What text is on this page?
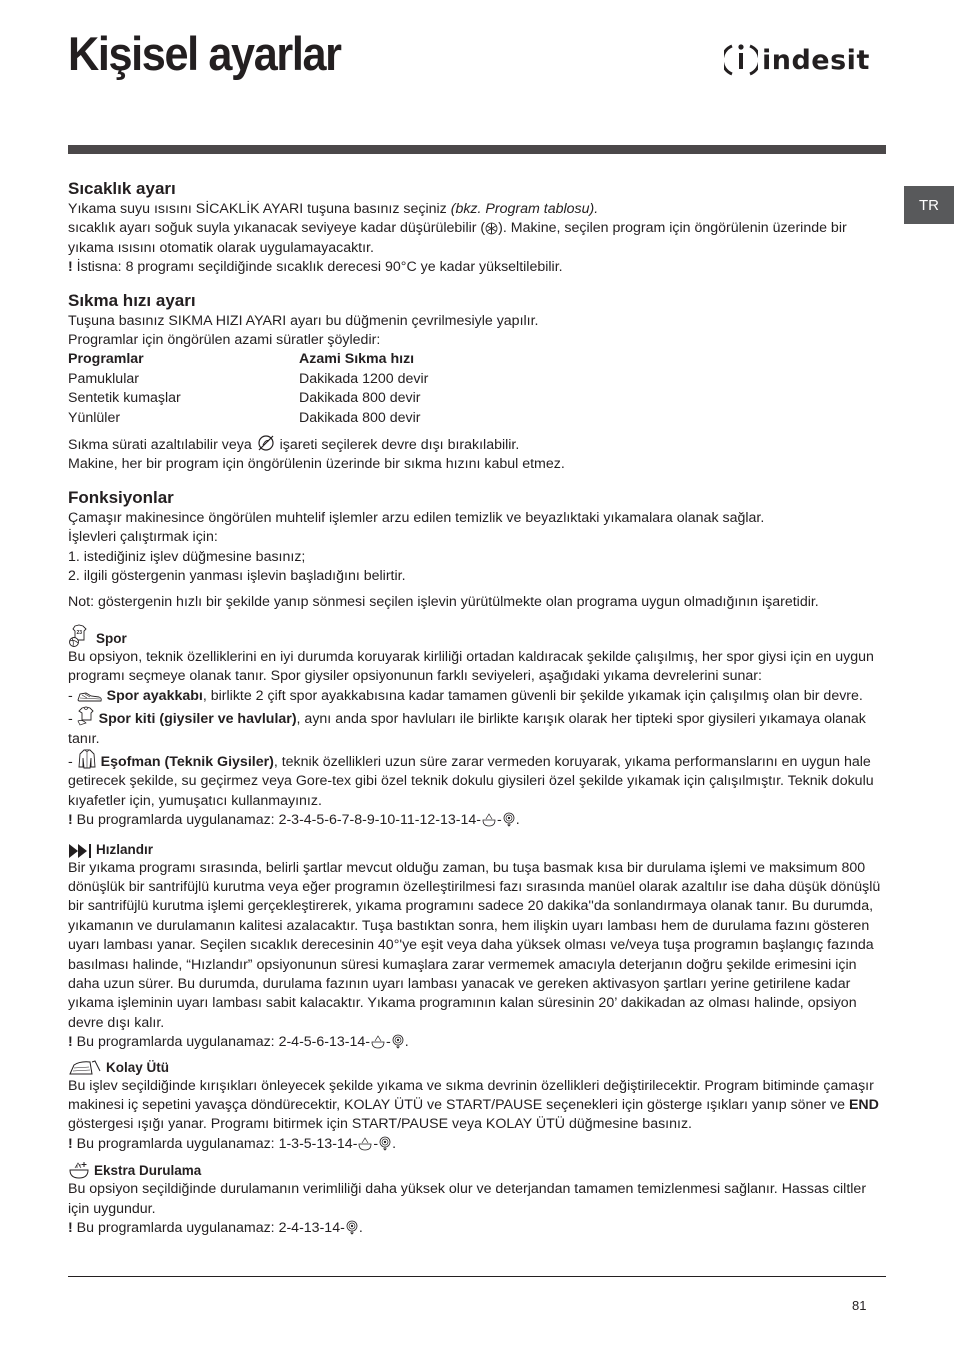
Kişisel ayarlar	indesit
TR
Sıcaklık ayarı

Yıkama suyu ısısını SİCAKLİK AYARI tuşuna basınız seçiniz (bkz. Program tablosu).

sıcaklık ayarı soğuk suyla yıkanacak seviyeye kadar düşürülebilir ( ). Makine, seçilen program için öngörülenin üzerinde bir yıkama ısısını otomatik olarak uygulamayacaktır.

! İstisna: 8 programı seçildiğinde sıcaklık derecesi 90°C ye kadar yükseltilebilir.

Sıkma hızı ayarı

Tuşuna basınız SIKMA HIZI AYARI ayarı bu düğmenin çevrilmesiyle yapılır.

Programlar için öngörülen azami süratler şöyledir:

Programlar	Azami Sıkma hızı
Pamuklular	Dakikada 1200 devir
Sentetik kumaşlar	Dakikada 800 devir
Yünlüler	Dakikada 800 devir

Sıkma sürati azaltılabilir veya  işareti seçilerek devre dışı bırakılabilir.

Makine, her bir program için öngörülenin üzerinde bir sıkma hızını kabul etmez.

Fonksiyonlar

Çamaşır makinesince öngörülen muhtelif işlemler arzu edilen temizlik ve beyazlıktaki yıkamalara olanak sağlar.

İşlevleri çalıştırmak için:

1. istediğiniz işlev düğmesine basınız;

2. ilgili göstergenin yanması işlevin başladığını belirtir.

Not: göstergenin hızlı bir şekilde yanıp sönmesi seçilen işlevin yürütülmekte olan programa uygun olmadığının işaretidir.

23 Spor

Bu opsiyon, teknik özelliklerini en iyi durumda koruyarak kirliliği ortadan kaldıracak şekilde çalışılmış, her spor giysi için en uygun programı seçmeye olanak tanır. Spor giysiler opsiyonunun farklı seviyeleri, aşağıdaki yıkama devrelerini sunar:

- Spor ayakkabı, birlikte 2 çift spor ayakkabısına kadar tamamen güvenli bir şekilde yıkamak için çalışılmış olan bir devre.

- Spor kiti (giysiler ve havlular), aynı anda spor havluları ile birlikte karışık olarak her tipteki spor giysileri yıkamaya olanak tanır.

- Eşofman (Teknik Giysiler), teknik özellikleri uzun süre zarar vermeden koruyarak, yıkama performanslarını en uygun hale getirecek şekilde, su geçirmez veya Gore-tex gibi özel teknik dokulu giysileri özel şekilde yıkamak için çalışılmıştır. Teknik dokulu kıyafetler için, yumuşatıcı kullanmayınız.

! Bu programlarda uygulanamaz: 2-3-4-5-6-7-8-9-10-11-12-13-14- - .

Hızlandır

Bir yıkama programı sırasında, belirli şartlar mevcut olduğu zaman, bu tuşa basmak kısa bir durulama işlemi ve maksimum 800 dönüşlük bir santrifüjlü kurutma veya eğer programın özelleştirilmesi fazı sırasında manüel olarak azaltılır ise daha düşük dönüşlü bir santrifüjlü kurutma işlemi gerçekleştirerek, yıkama programını sadece 20 dakika''da sonlandırmaya olanak tanır. Bu durumda, yıkamanın ve durulamanın kalitesi azalacaktır. Tuşa bastıktan sonra, hem ilişkin uyarı lambası hem de durulama fazını gösteren uyarı lambası yanar. Seçilen sıcaklık derecesinin 40°'ye eşit veya daha yüksek olması ve/veya tuşa programın başlangıç fazında basılması halinde, “Hızlandır” opsiyonunun süresi kumaşlara zarar vermemek amacıyla deterjanın doğru şekilde erimesini için daha uzun sürer. Bu durumda, durulama fazının uyarı lambası yanacak ve gereken aktivasyon şartları yerine getirilene kadar yıkama işleminin uyarı lambası sabit kalacaktır. Yıkama programının kalan süresinin 20’ dakikadan az olması halinde, opsiyon devre dışı kalır.

! Bu programlarda uygulanamaz: 2-4-5-6-13-14- - .

Kolay Ütü

Bu işlev seçildiğinde kırışıkları önleyecek şekilde yıkama ve sıkma devrinin özellikleri değiştirilecektir. Program bitiminde çamaşır makinesi iç sepetini yavaşça döndürecektir, KOLAY ÜTÜ ve START/PAUSE seçenekleri için gösterge ışıkları yanıp söner ve END göstergesi ışığı yanar. Programı bitirmek için START/PAUSE veya KOLAY ÜTÜ düğmesine basınız.

! Bu programlarda uygulanamaz: 1-3-5-13-14- - .

Ekstra Durulama

Bu opsiyon seçildiğinde durulamanın verimliliği daha yüksek olur ve deterjandan tamamen temizlenmesi sağlanır. Hassas ciltler için uygundur.

! Bu programlarda uygulanamaz: 2-4-13-14- .

81
